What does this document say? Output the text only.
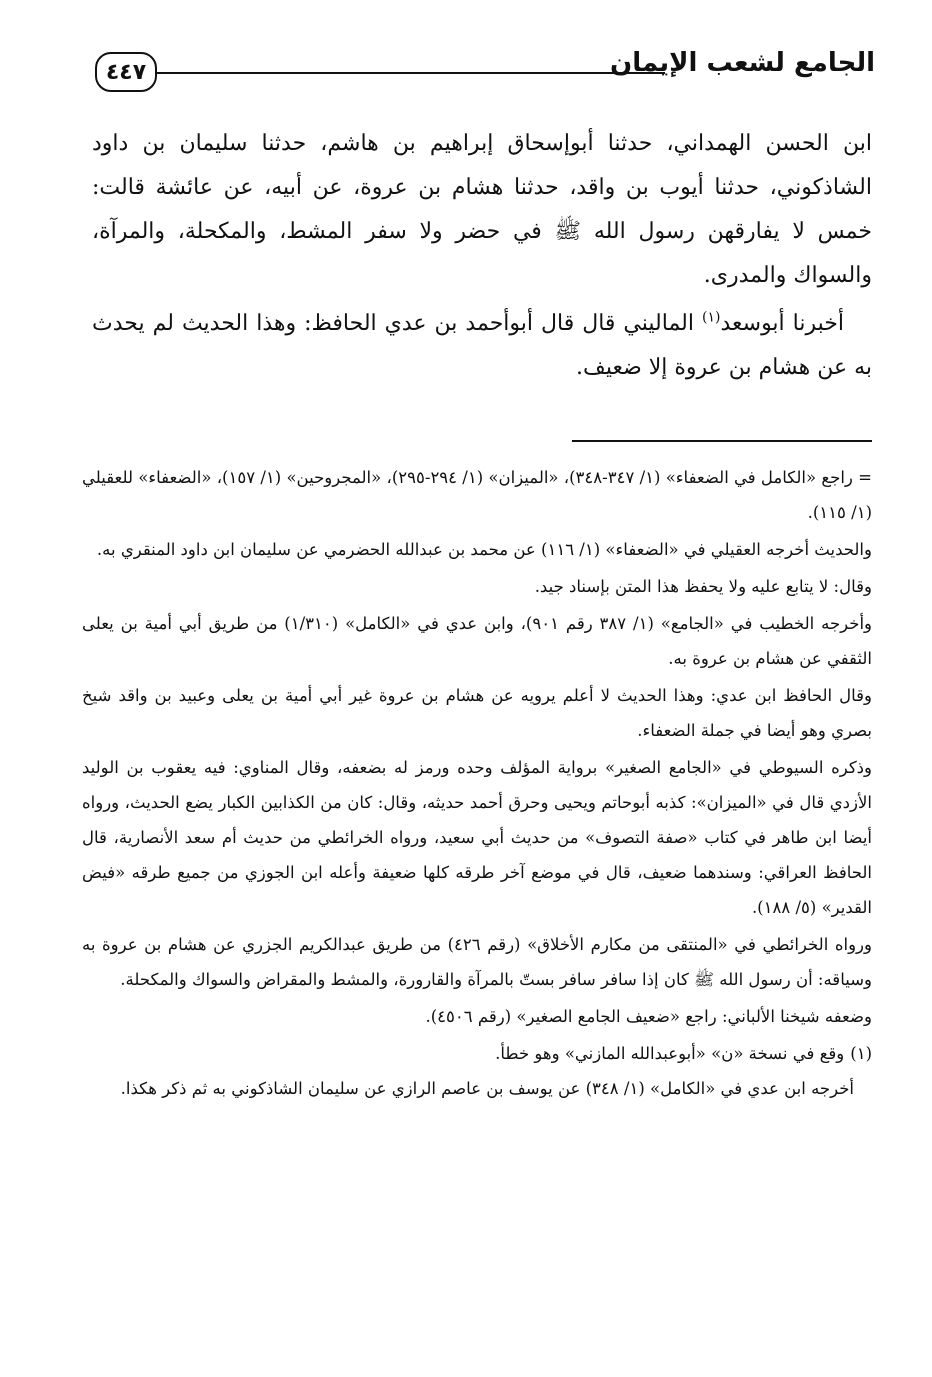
الجامع لشعب الإيمان
٤٤٧

ابن الحسن الهمداني، حدثنا أبوإسحاق إبراهيم بن هاشم، حدثنا سليمان بن داود الشاذكوني، حدثنا أيوب بن واقد، حدثنا هشام بن عروة، عن أبيه، عن عائشة قالت: خمس لا يفارقهن رسول الله ﷺ في حضر ولا سفر المشط، والمكحلة، والمرآة، والسواك والمدرى.

أخبرنا أبوسعد$^{(١)}$ الماليني قال قال أبوأحمد بن عدي الحافظ: وهذا الحديث لم يحدث به عن هشام بن عروة إلا ضعيف.

= راجع «الكامل في الضعفاء» (١/ ٣٤٧-٣٤٨)، «الميزان» (١/ ٢٩٤-٢٩٥)، «المجروحين» (١/ ١٥٧)، «الضعفاء» للعقيلي (١/ ١١٥).

والحديث أخرجه العقيلي في «الضعفاء» (١/ ١١٦) عن محمد بن عبدالله الحضرمي عن سليمان ابن داود المنقري به.

وقال: لا يتابع عليه ولا يحفظ هذا المتن بإسناد جيد.

وأخرجه الخطيب في «الجامع» (١/ ٣٨٧ رقم ٩٠١)، وابن عدي في «الكامل» (١/٣١٠) من طريق أبي أمية بن يعلى الثقفي عن هشام بن عروة به.

وقال الحافظ ابن عدي: وهذا الحديث لا أعلم يرويه عن هشام بن عروة غير أبي أمية بن يعلى وعبيد بن واقد شيخ بصري وهو أيضا في جملة الضعفاء.

وذكره السيوطي في «الجامع الصغير» برواية المؤلف وحده ورمز له بضعفه، وقال المناوي: فيه يعقوب بن الوليد الأزدي قال في «الميزان»: كذبه أبوحاتم ويحيى وحرق أحمد حديثه، وقال: كان من الكذابين الكبار يضع الحديث، ورواه أيضا ابن طاهر في كتاب «صفة التصوف» من حديث أبي سعيد، ورواه الخرائطي من حديث أم سعد الأنصارية، قال الحافظ العراقي: وسندهما ضعيف، قال في موضع آخر طرقه كلها ضعيفة وأعله ابن الجوزي من جميع طرقه «فيض القدير» (٥/ ١٨٨).

ورواه الخرائطي في «المنتقى من مكارم الأخلاق» (رقم ٤٢٦) من طريق عبدالكريم الجزري عن هشام بن عروة به وسياقه: أن رسول الله ﷺ كان إذا سافر سافر بستّ بالمرآة والقارورة، والمشط والمقراض والسواك والمكحلة.

وضعفه شيخنا الألباني: راجع «ضعيف الجامع الصغير» (رقم ٤٥٠٦).

(١)وقع في نسخة «ن» «أبوعبدالله المازني» وهو خطأ.

أخرجه ابن عدي في «الكامل» (١/ ٣٤٨) عن يوسف بن عاصم الرازي عن سليمان الشاذكوني به ثم ذكر هكذا.
